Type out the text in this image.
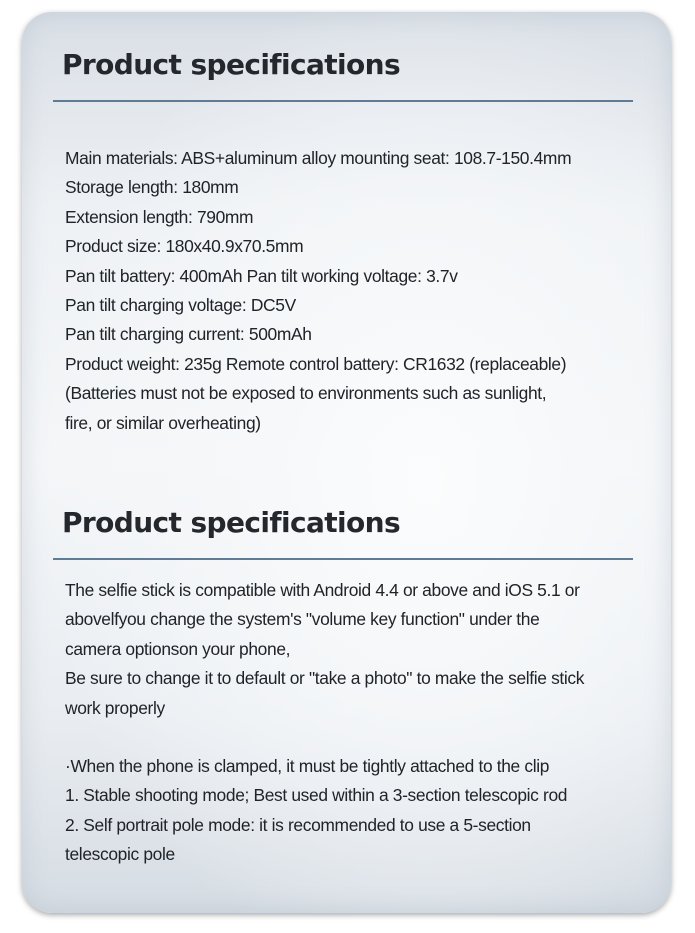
Product specifications
Main materials: ABS+aluminum alloy mounting seat: 108.7-150.4mm
Storage length: 180mm
Extension length: 790mm
Product size: 180x40.9x70.5mm
Pan tilt battery: 400mAh Pan tilt working voltage: 3.7v
Pan tilt charging voltage: DC5V
Pan tilt charging current: 500mAh
Product weight: 235g Remote control battery: CR1632 (replaceable)
(Batteries must not be exposed to environments such as sunlight,
fire, or similar overheating)
Product specifications
The selfie stick is compatible with Android 4.4 or above and iOS 5.1 or
abovelfyou change the system's "volume key function" under the
camera optionson your phone,
Be sure to change it to default or "take a photo" to make the selfie stick
work properly
·When the phone is clamped, it must be tightly attached to the clip
1. Stable shooting mode; Best used within a 3-section telescopic rod
2. Self portrait pole mode: it is recommended to use a 5-section
telescopic pole
